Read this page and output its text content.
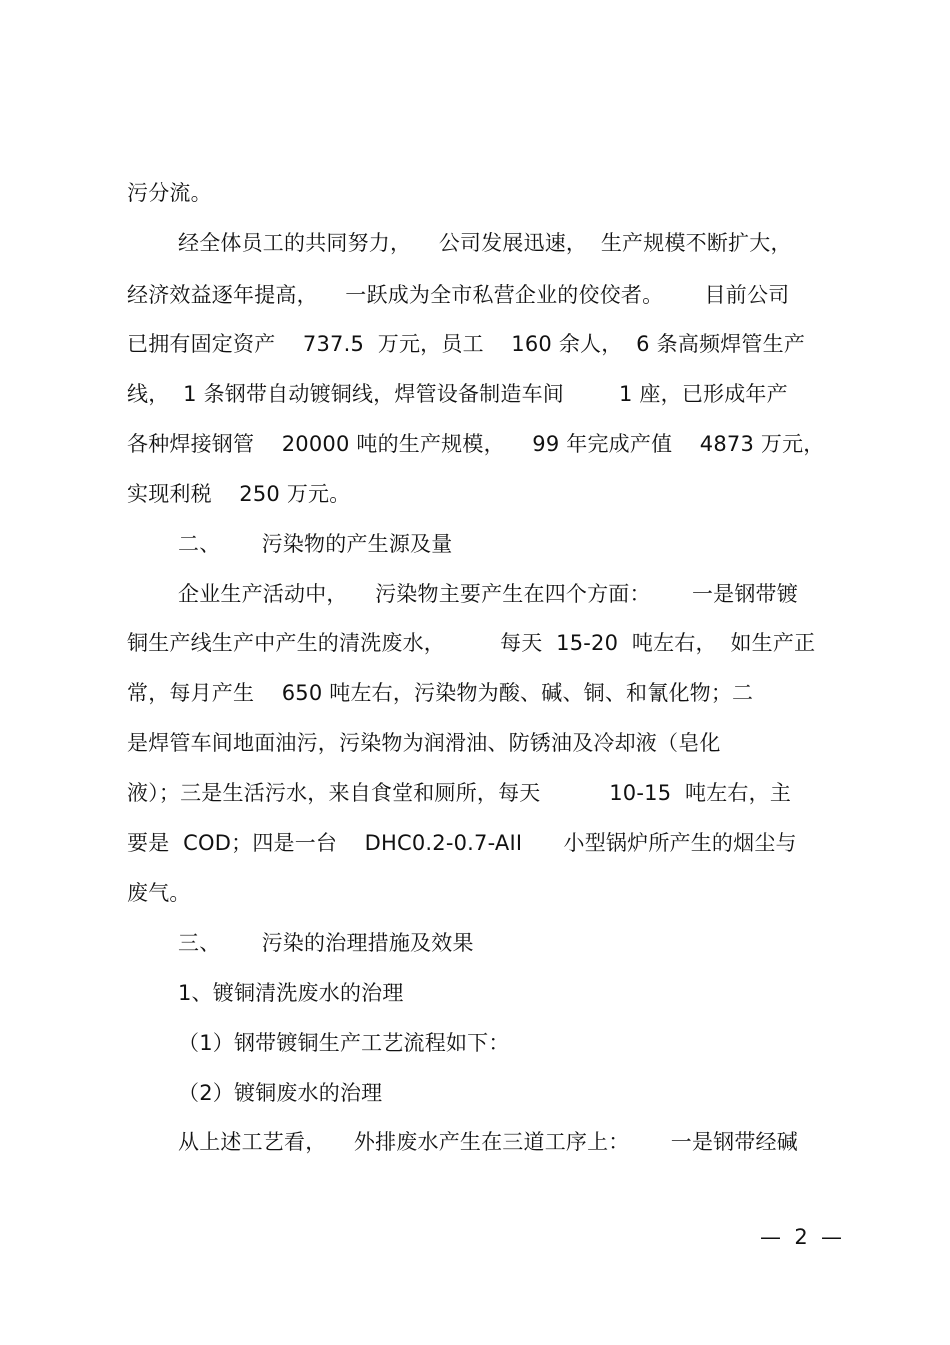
污分流。
经全体员工的共同努力，    公司发展迅速，  生产规模不断扩大，
经济效益逐年提高，    一跃成为全市私营企业的佼佼者。      目前公司
已拥有固定资产    737.5  万元，员工    160 余人，  6 条高频焊管生产
线，  1 条钢带自动镀铜线，焊管设备制造车间        1 座，已形成年产
各种焊接钢管    20000 吨的生产规模，    99 年完成产值    4873 万元，
实现利税    250 万元。
二、      污染物的产生源及量
企业生产活动中，    污染物主要产生在四个方面：      一是钢带镀
铜生产线生产中产生的清洗废水，        每天  15-20  吨左右，  如生产正
常，每月产生    650 吨左右，污染物为酸、碱、铜、和氰化物；二
是焊管车间地面油污，污染物为润滑油、防锈油及冷却液（皂化
液）；三是生活污水，来自食堂和厕所，每天          10-15  吨左右，主
要是  COD；四是一台    DHC0.2-0.7-AII      小型锅炉所产生的烟尘与
废气。
三、      污染的治理措施及效果
1、镀铜清洗废水的治理
（1）钢带镀铜生产工艺流程如下：
（2）镀铜废水的治理
从上述工艺看，    外排废水产生在三道工序上：      一是钢带经碱
—  2  —
